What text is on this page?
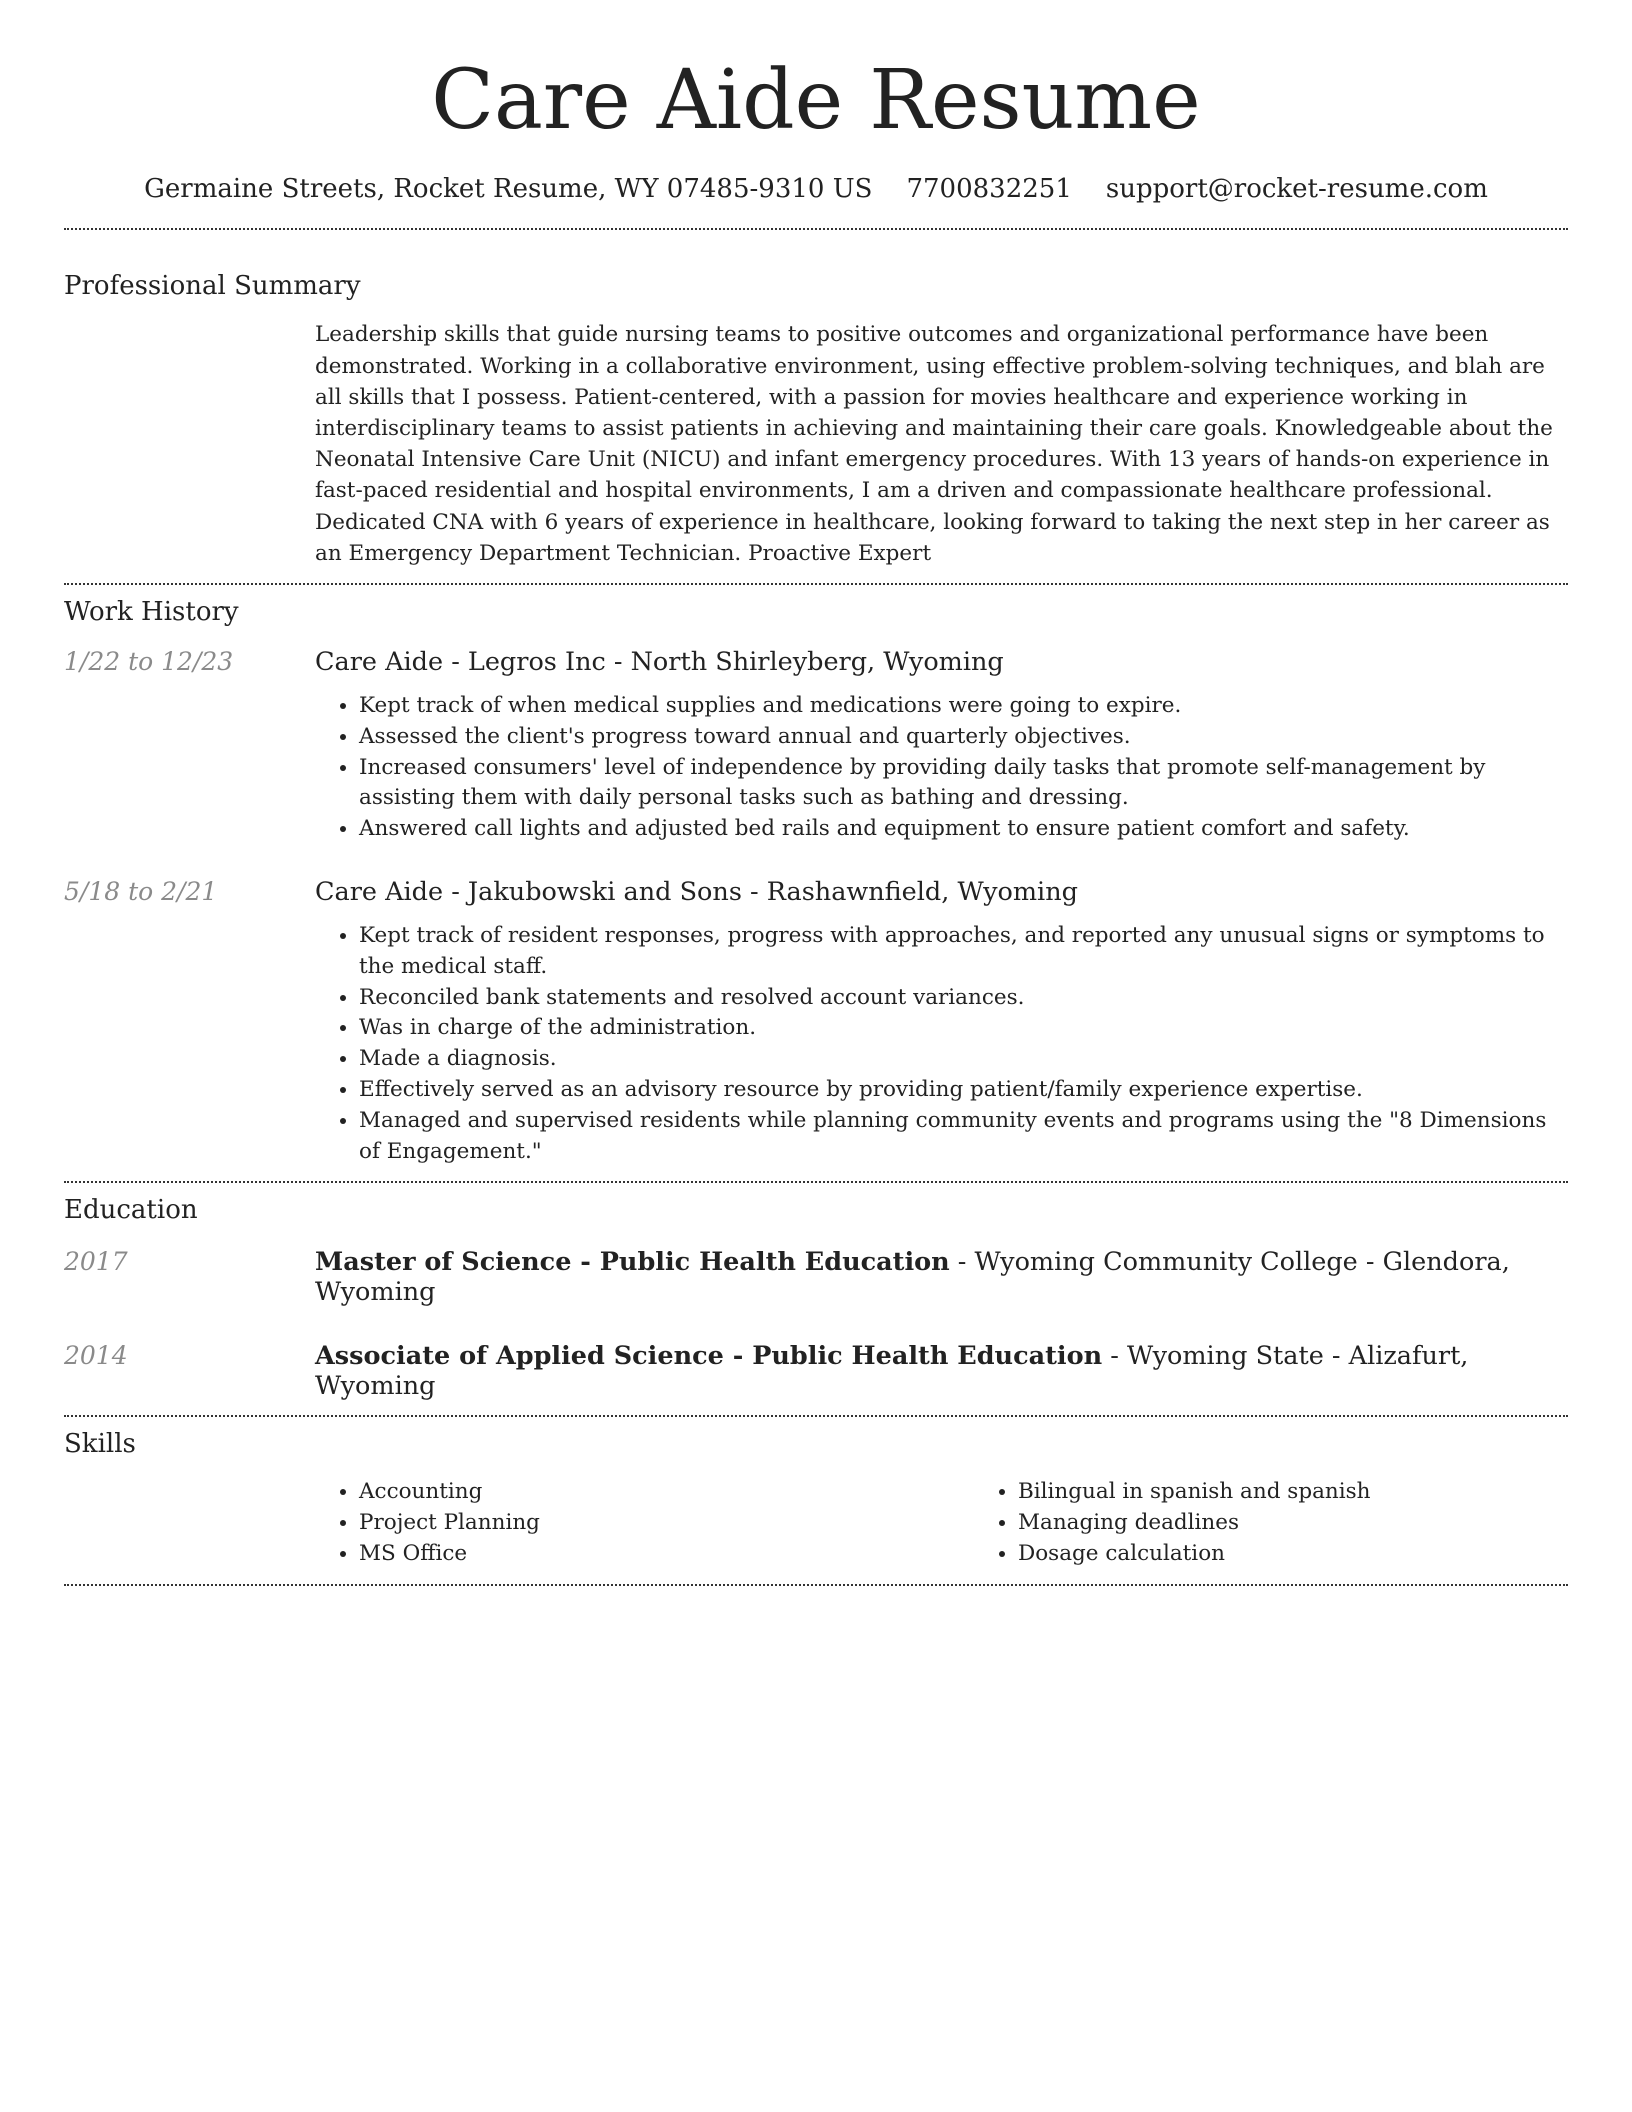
Care Aide Resume
Germaine Streets, Rocket Resume, WY 07485-9310 US 7700832251 support@rocket-resume.com
Professional Summary
Leadership skills that guide nursing teams to positive outcomes and organizational performance have been demonstrated. Working in a collaborative environment, using effective problem-solving techniques, and blah are all skills that I possess. Patient-centered, with a passion for movies healthcare and experience working in interdisciplinary teams to assist patients in achieving and maintaining their care goals. Knowledgeable about the Neonatal Intensive Care Unit (NICU) and infant emergency procedures. With 13 years of hands-on experience in fast-paced residential and hospital environments, I am a driven and compassionate healthcare professional. Dedicated CNA with 6 years of experience in healthcare, looking forward to taking the next step in her career as an Emergency Department Technician. Proactive Expert
Work History
1/22 to 12/23	Care Aide - Legros Inc - North Shirleyberg, Wyoming
• Kept track of when medical supplies and medications were going to expire.
• Assessed the client's progress toward annual and quarterly objectives.
• Increased consumers' level of independence by providing daily tasks that promote self-management by assisting them with daily personal tasks such as bathing and dressing.
• Answered call lights and adjusted bed rails and equipment to ensure patient comfort and safety.
5/18 to 2/21	Care Aide - Jakubowski and Sons - Rashawnfield, Wyoming
• Kept track of resident responses, progress with approaches, and reported any unusual signs or symptoms to the medical staff.
• Reconciled bank statements and resolved account variances.
• Was in charge of the administration.
• Made a diagnosis.
• Effectively served as an advisory resource by providing patient/family experience expertise.
• Managed and supervised residents while planning community events and programs using the "8 Dimensions of Engagement."
Education
2017	Master of Science - Public Health Education - Wyoming Community College - Glendora, Wyoming
2014	Associate of Applied Science - Public Health Education - Wyoming State - Alizafurt, Wyoming
Skills
• Accounting
• Project Planning
• MS Office
• Bilingual in spanish and spanish
• Managing deadlines
• Dosage calculation
